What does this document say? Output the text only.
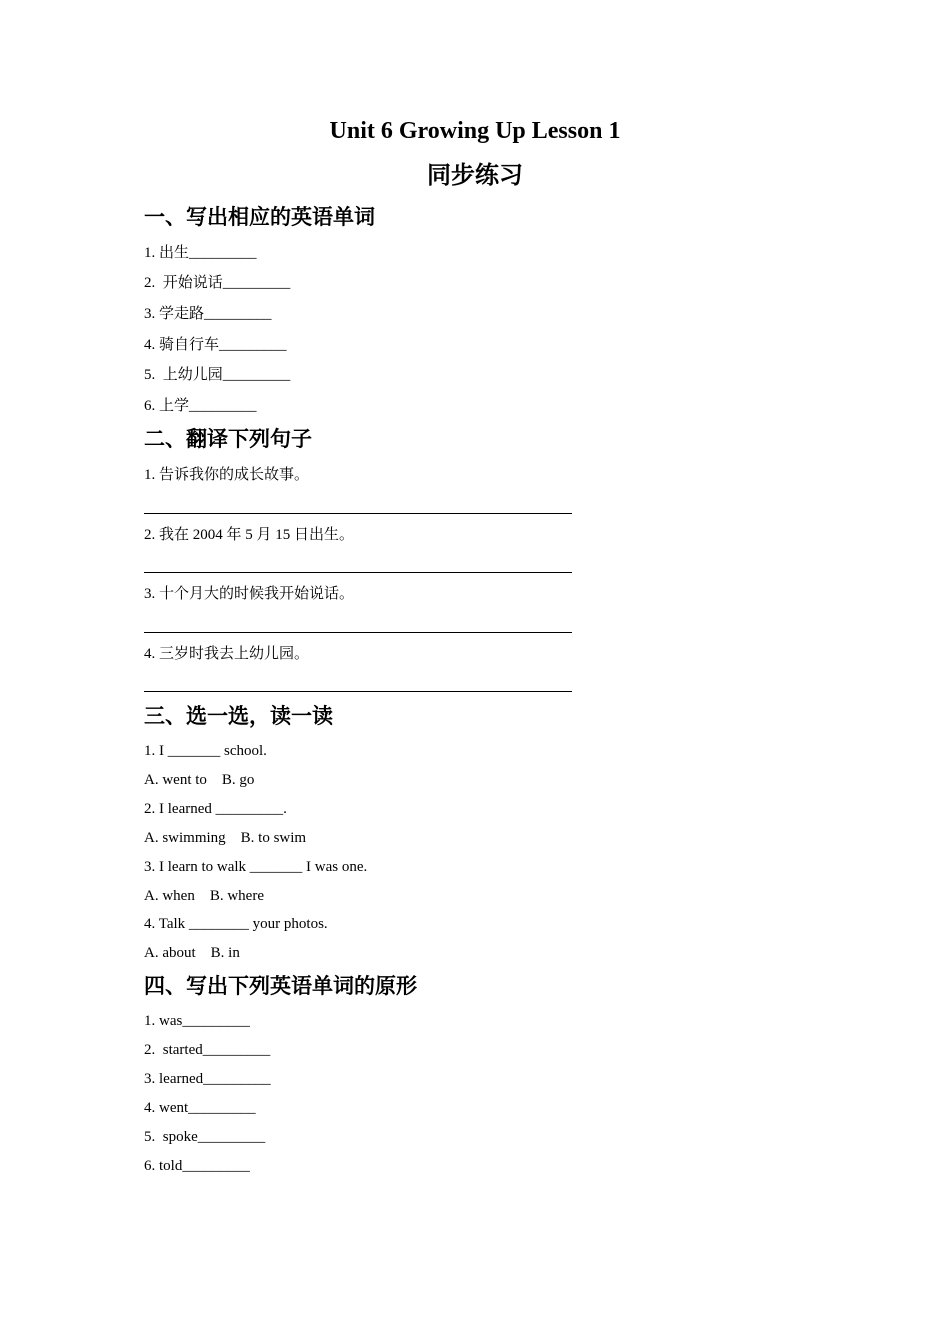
Unit 6 Growing Up Lesson 1
同步练习
一、写出相应的英语单词
1. 出生_________
2.  开始说话_________
3. 学走路_________
4. 骑自行车_________
5.  上幼儿园_________
6. 上学_________
二、翻译下列句子
1. 告诉我你的成长故事。
2. 我在 2004 年 5 月 15 日出生。
3. 十个月大的时候我开始说话。
4. 三岁时我去上幼儿园。
三、选一选，读一读
1. I _______ school.
A. went to    B. go
2. I learned _________.
A. swimming    B. to swim
3. I learn to walk _______ I was one.
A. when    B. where
4. Talk ________ your photos.
A. about    B. in
四、写出下列英语单词的原形
1. was_________
2.  started_________
3. learned_________
4. went_________
5.  spoke_________
6. told_________
